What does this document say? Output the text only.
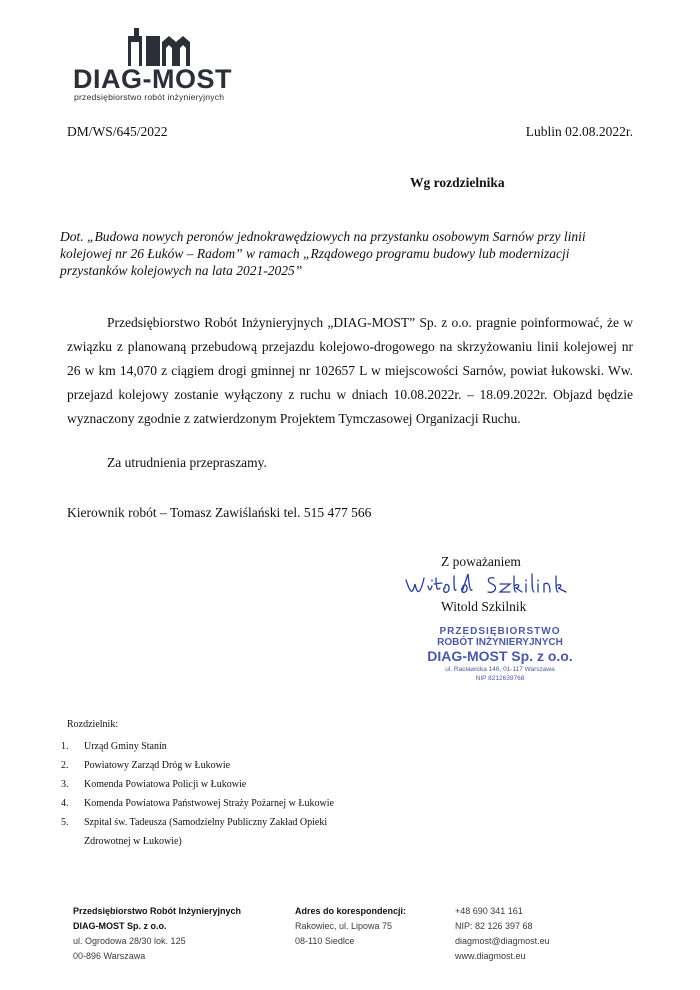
DIAG-MOST
przedsiębiorstwo robót inżynieryjnych
DM/WS/645/2022	Lublin 02.08.2022r.
Wg rozdzielnika
Dot. „Budowa nowych peronów jednokrawędziowych na przystanku osobowym Sarnów przy linii kolejowej nr 26 Łuków – Radom” w ramach „Rządowego programu budowy lub modernizacji przystanków kolejowych na lata 2021-2025”

Przedsiębiorstwo Robót Inżynieryjnych „DIAG-MOST” Sp. z o.o. pragnie poinformować, że w związku z planowaną przebudową przejazdu kolejowo-drogowego na skrzyżowaniu linii kolejowej nr 26 w km 14,070 z ciągiem drogi gminnej nr 102657 L w miejscowości Sarnów, powiat łukowski. Ww. przejazd kolejowy zostanie wyłączony z ruchu w dniach 10.08.2022r. – 18.09.2022r. Objazd będzie wyznaczony zgodnie z zatwierdzonym Projektem Tymczasowej Organizacji Ruchu.

Za utrudnienia przepraszamy.
Kierownik robót – Tomasz Zawiślański tel. 515 477 566
Z poważaniem
Witold Szkilnik
PRZEDSIĘBIORSTWO
ROBÓT INŻYNIERYJNYCH
DIAG-MOST Sp. z o.o.
ul. Racławicka 146, 01-117 Warszawa
NIP 8212639768
Rozdzielnik:
1. Urząd Gminy Stanin
2. Powiatowy Zarząd Dróg w Łukowie
3. Komenda Powiatowa Policji w Łukowie
4. Komenda Powiatowa Państwowej Straży Pożarnej w Łukowie
5. Szpital św. Tadeusza (Samodzielny Publiczny Zakład Opieki Zdrowotnej w Łukowie)
Przedsiębiorstwo Robót Inżynieryjnych
DIAG-MOST Sp. z o.o.
ul. Ogrodowa 28/30 lok. 125
00-896 Warszawa
Adres do korespondencji:
Rakowiec, ul. Lipowa 75
08-110 Siedlce
+48 690 341 161
NIP: 82 126 397 68
diagmost@diagmost.eu
www.diagmost.eu
